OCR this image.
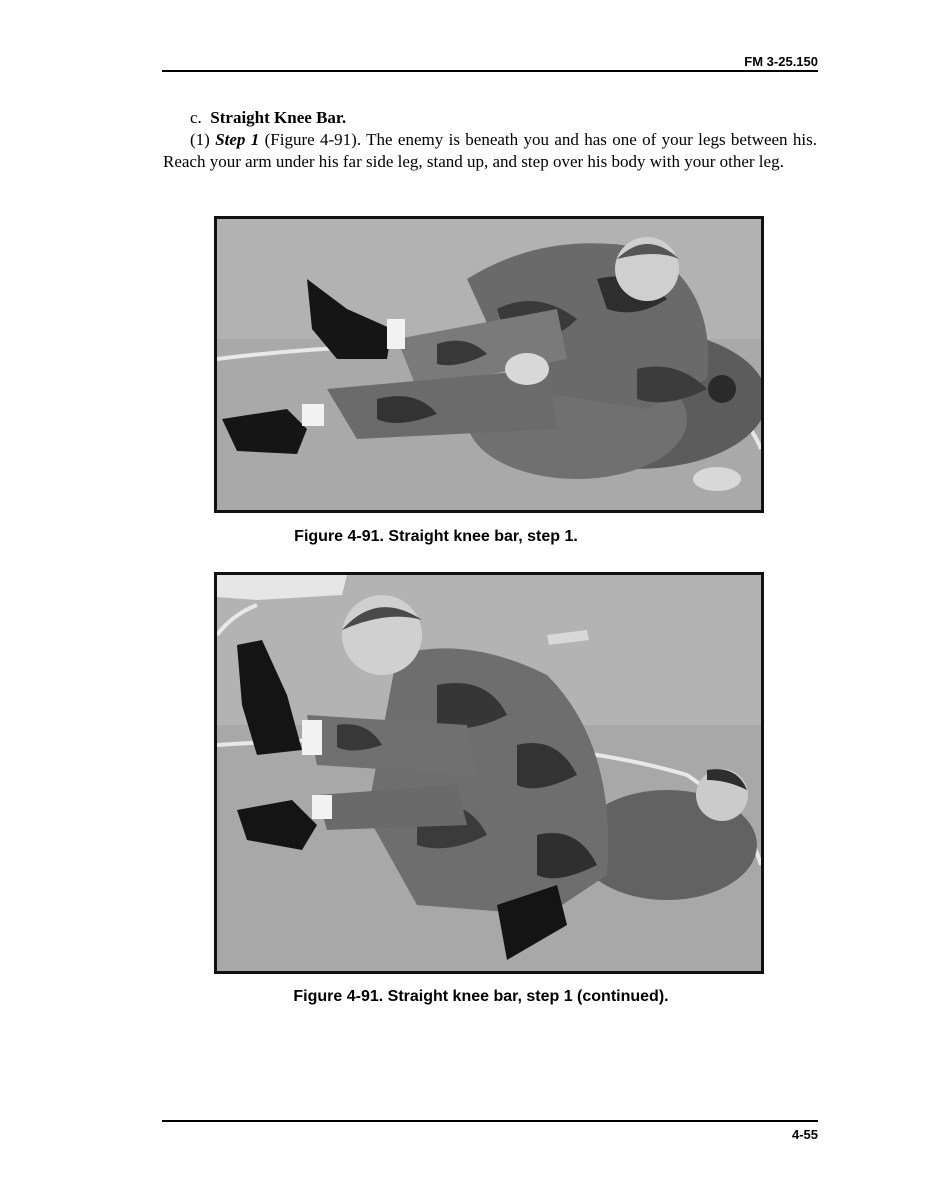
FM 3-25.150
c. Straight Knee Bar.
(1) Step 1 (Figure 4-91). The enemy is beneath you and has one of your legs between his. Reach your arm under his far side leg, stand up, and step over his body with your other leg.
Figure 4-91. Straight knee bar, step 1.
Figure 4-91. Straight knee bar, step 1 (continued).
4-55
